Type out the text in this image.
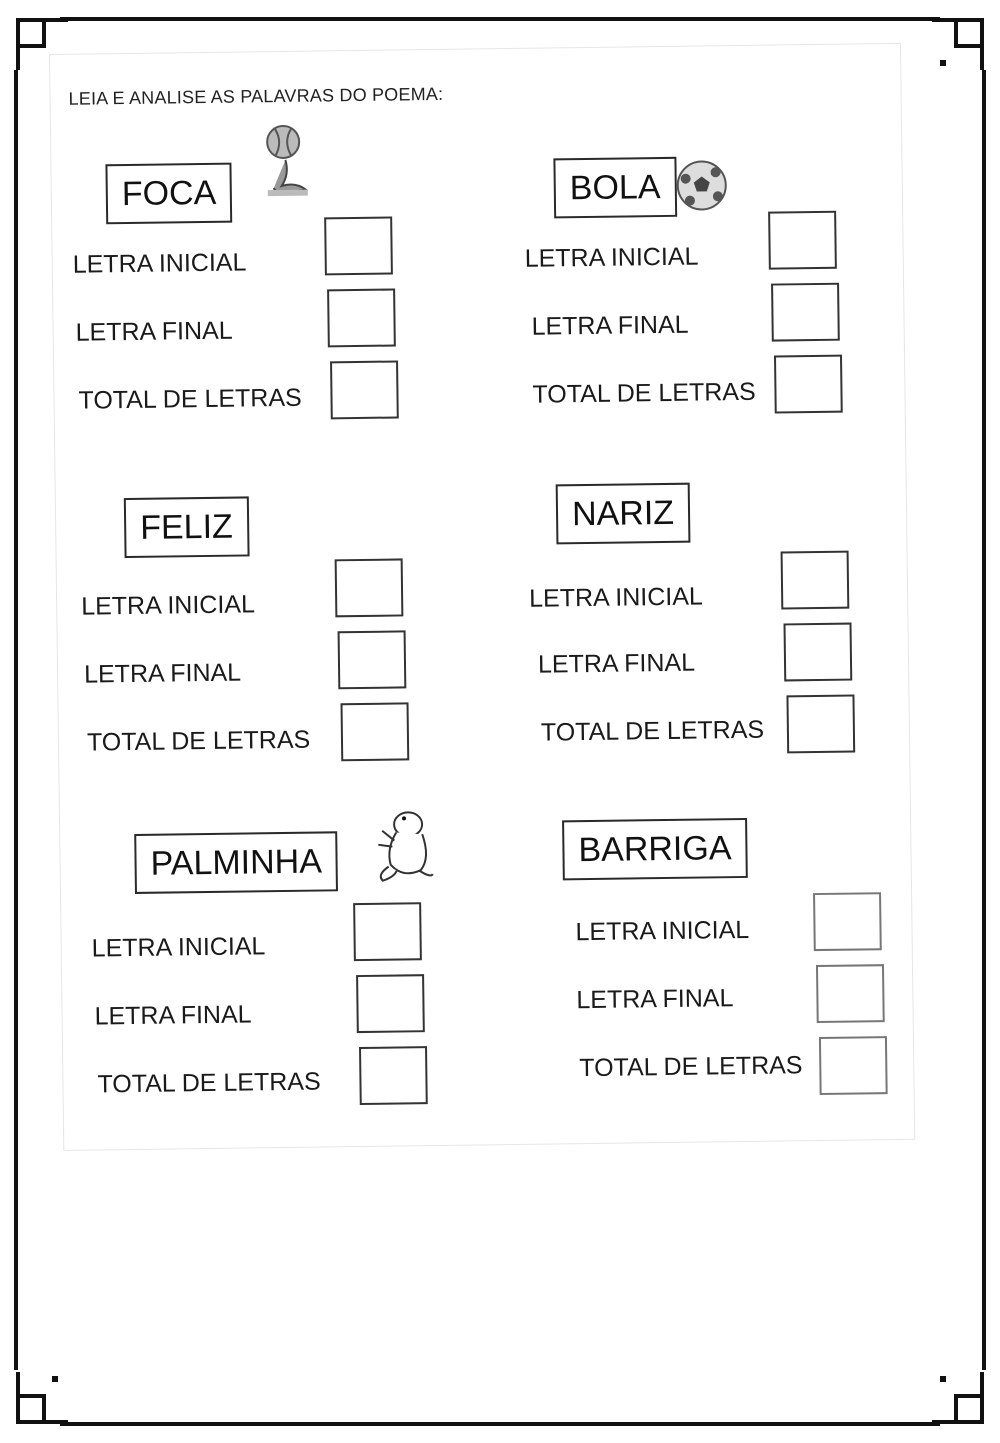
LEIA E ANALISE AS PALAVRAS DO POEMA:
FOCA
LETRA INICIAL
LETRA FINAL
TOTAL DE LETRAS
BOLA
LETRA INICIAL
LETRA FINAL
TOTAL DE LETRAS
FELIZ
LETRA INICIAL
LETRA FINAL
TOTAL DE LETRAS
NARIZ
LETRA INICIAL
LETRA FINAL
TOTAL DE LETRAS
PALMINHA
LETRA INICIAL
LETRA FINAL
TOTAL DE LETRAS
BARRIGA
LETRA INICIAL
LETRA FINAL
TOTAL DE LETRAS
